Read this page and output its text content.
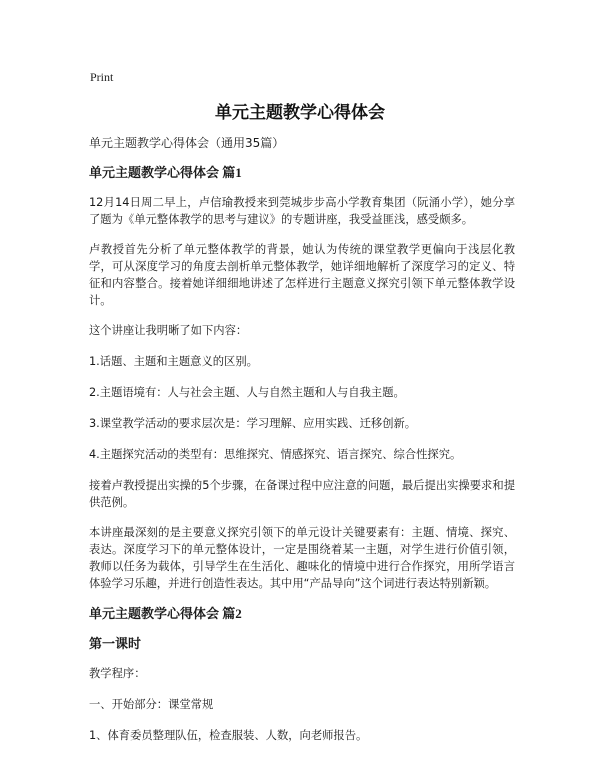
Print
单元主题教学心得体会

单元主题教学心得体会（通用35篇）

单元主题教学心得体会 篇1

12月14日周二早上，卢信瑜教授来到莞城步步高小学教育集团（阮涌小学），她分享了题为《单元整体教学的思考与建议》的专题讲座，我受益匪浅，感受颇多。

卢教授首先分析了单元整体教学的背景，她认为传统的课堂教学更偏向于浅层化教学，可从深度学习的角度去剖析单元整体教学，她详细地解析了深度学习的定义、特征和内容整合。接着她详细细地讲述了怎样进行主题意义探究引领下单元整体教学设计。

这个讲座让我明晰了如下内容：

1.话题、主题和主题意义的区别。

2.主题语境有：人与社会主题、人与自然主题和人与自我主题。

3.课堂教学活动的要求层次是：学习理解、应用实践、迁移创新。

4.主题探究活动的类型有：思维探究、情感探究、语言探究、综合性探究。

接着卢教授提出实操的5个步骤，在备课过程中应注意的问题，最后提出实操要求和提供范例。

本讲座最深刻的是主要意义探究引领下的单元设计关键要素有：主题、情境、探究、表达。深度学习下的单元整体设计，一定是围绕着某一主题，对学生进行价值引领，教师以任务为载体，引导学生在生活化、趣味化的情境中进行合作探究，用所学语言体验学习乐趣，并进行创造性表达。其中用“产品导向”这个词进行表达特别新颖。

单元主题教学心得体会 篇2

第一课时

教学程序：

一、开始部分：课堂常规

1、体育委员整理队伍，检查服装、人数，向老师报告。
